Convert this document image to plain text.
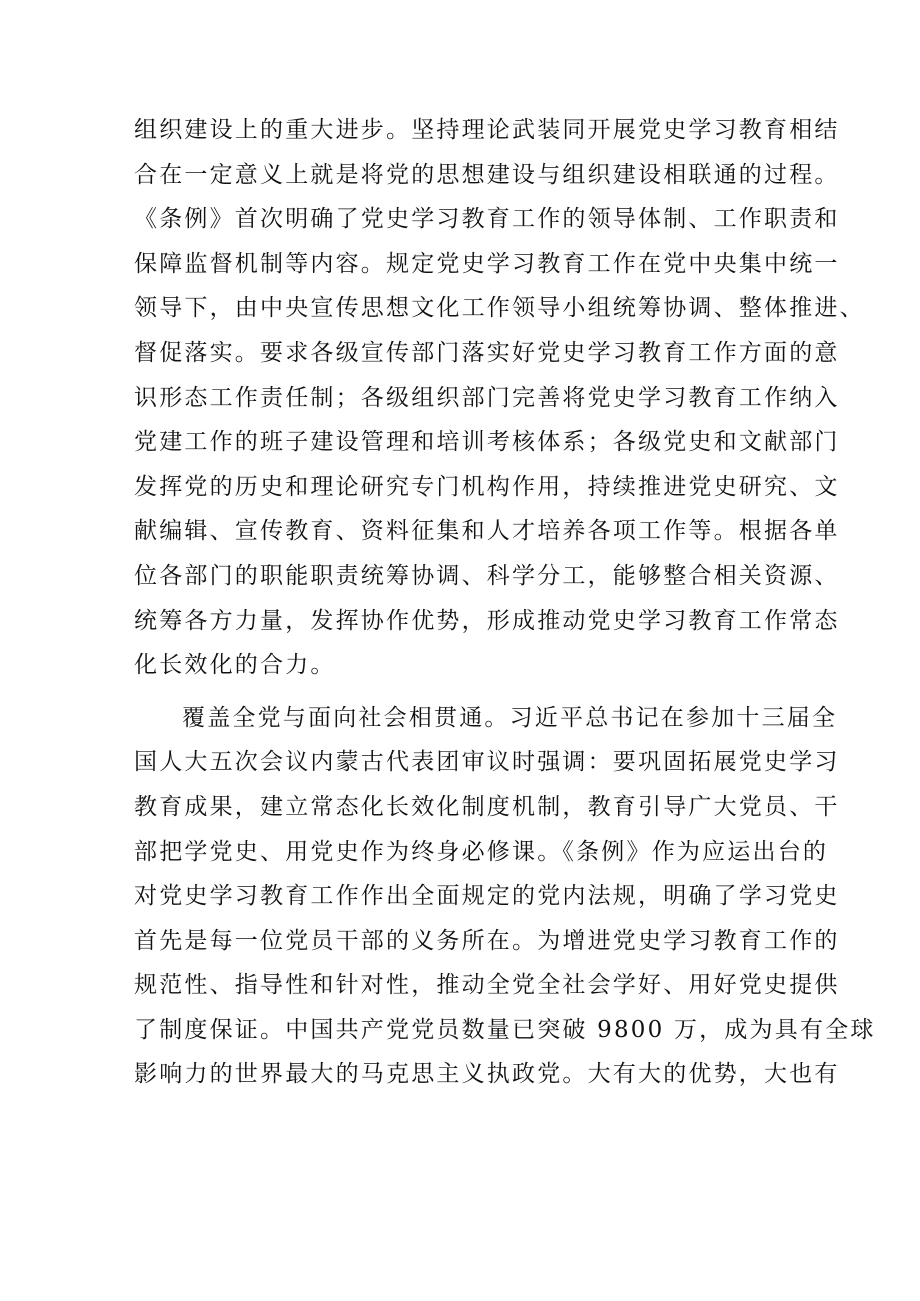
组织建设上的重大进步。坚持理论武装同开展党史学习教育相结
合在一定意义上就是将党的思想建设与组织建设相联通的过程。
《条例》首次明确了党史学习教育工作的领导体制、工作职责和
保障监督机制等内容。规定党史学习教育工作在党中央集中统一
领导下，由中央宣传思想文化工作领导小组统筹协调、整体推进、
督促落实。要求各级宣传部门落实好党史学习教育工作方面的意
识形态工作责任制；各级组织部门完善将党史学习教育工作纳入
党建工作的班子建设管理和培训考核体系；各级党史和文献部门
发挥党的历史和理论研究专门机构作用，持续推进党史研究、文
献编辑、宣传教育、资料征集和人才培养各项工作等。根据各单
位各部门的职能职责统筹协调、科学分工，能够整合相关资源、
统筹各方力量，发挥协作优势，形成推动党史学习教育工作常态
化长效化的合力。
覆盖全党与面向社会相贯通。习近平总书记在参加十三届全
国人大五次会议内蒙古代表团审议时强调：要巩固拓展党史学习
教育成果，建立常态化长效化制度机制，教育引导广大党员、干
部把学党史、用党史作为终身必修课。《条例》作为应运出台的
对党史学习教育工作作出全面规定的党内法规，明确了学习党史
首先是每一位党员干部的义务所在。为增进党史学习教育工作的
规范性、指导性和针对性，推动全党全社会学好、用好党史提供
了制度保证。中国共产党党员数量已突破 9800 万，成为具有全球
影响力的世界最大的马克思主义执政党。大有大的优势，大也有
